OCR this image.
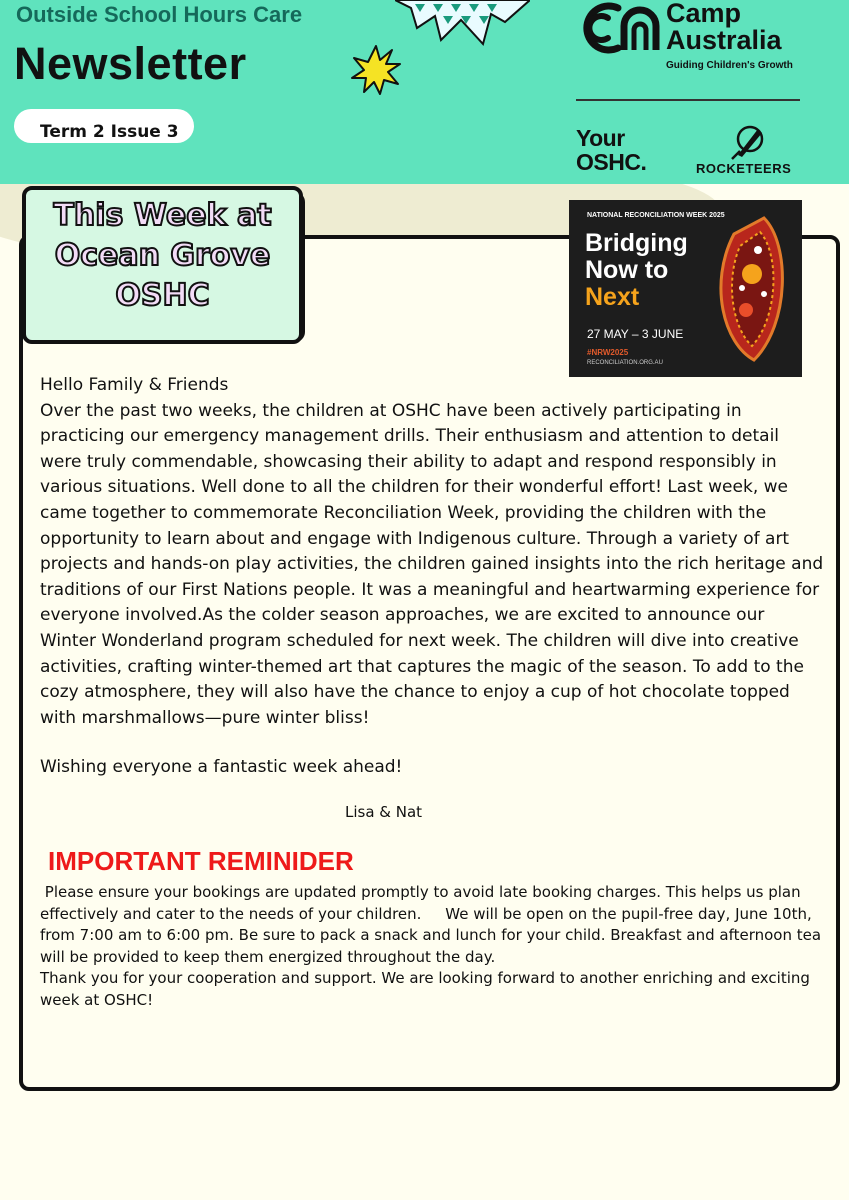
Outside School Hours Care
Newsletter
Term 2 Issue 3
Camp
Australia
Guiding Children's Growth
Your
OSHC.	ROCKETEERS
This Week at
Ocean Grove
OSHC
NATIONAL RECONCILIATION WEEK 2025
Bridging
Now to
Next
27 MAY – 3 JUNE
#NRW2025
RECONCILIATION.ORG.AU
Hello Family & Friends
Over the past two weeks, the children at OSHC have been actively participating in practicing our emergency management drills. Their enthusiasm and attention to detail were truly commendable, showcasing their ability to adapt and respond responsibly in various situations. Well done to all the children for their wonderful effort! Last week, we came together to commemorate Reconciliation Week, providing the children with the opportunity to learn about and engage with Indigenous culture. Through a variety of art projects and hands-on play activities, the children gained insights into the rich heritage and traditions of our First Nations people. It was a meaningful and heartwarming experience for everyone involved.As the colder season approaches, we are excited to announce our Winter Wonderland program scheduled for next week. The children will dive into creative activities, crafting winter-themed art that captures the magic of the season. To add to the cozy atmosphere, they will also have the chance to enjoy a cup of hot chocolate topped with marshmallows—pure winter bliss!

Wishing everyone a fantastic week ahead!

Lisa & Nat

IMPORTANT REMINIDER
Please ensure your bookings are updated promptly to avoid late booking charges. This helps us plan effectively and cater to the needs of your children.     We will be open on the pupil-free day, June 10th, from 7:00 am to 6:00 pm. Be sure to pack a snack and lunch for your child. Breakfast and afternoon tea will be provided to keep them energized throughout the day.
Thank you for your cooperation and support. We are looking forward to another enriching and exciting week at OSHC!
